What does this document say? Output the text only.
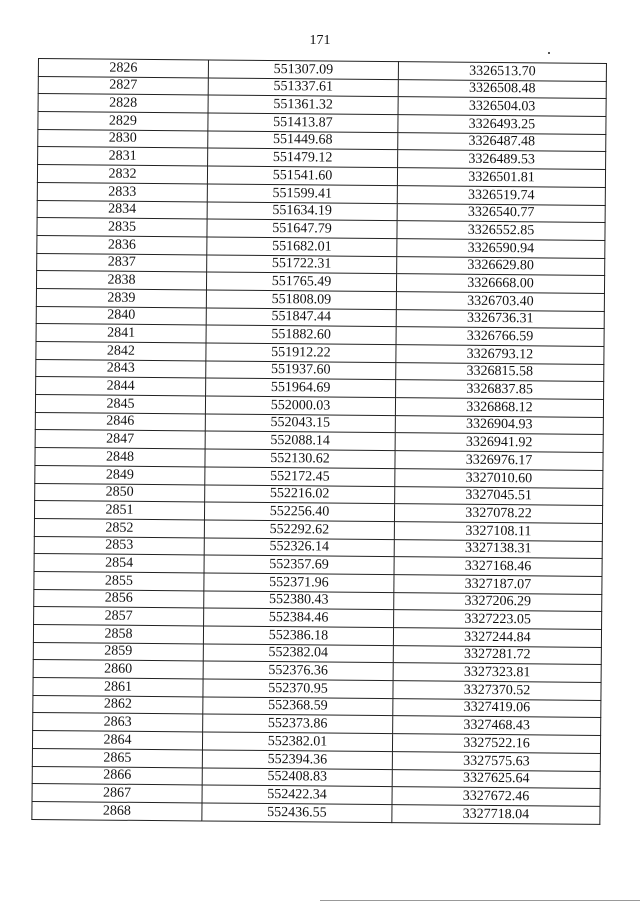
171
2826	551307.09	3326513.70
2827	551337.61	3326508.48
2828	551361.32	3326504.03
2829	551413.87	3326493.25
2830	551449.68	3326487.48
2831	551479.12	3326489.53
2832	551541.60	3326501.81
2833	551599.41	3326519.74
2834	551634.19	3326540.77
2835	551647.79	3326552.85
2836	551682.01	3326590.94
2837	551722.31	3326629.80
2838	551765.49	3326668.00
2839	551808.09	3326703.40
2840	551847.44	3326736.31
2841	551882.60	3326766.59
2842	551912.22	3326793.12
2843	551937.60	3326815.58
2844	551964.69	3326837.85
2845	552000.03	3326868.12
2846	552043.15	3326904.93
2847	552088.14	3326941.92
2848	552130.62	3326976.17
2849	552172.45	3327010.60
2850	552216.02	3327045.51
2851	552256.40	3327078.22
2852	552292.62	3327108.11
2853	552326.14	3327138.31
2854	552357.69	3327168.46
2855	552371.96	3327187.07
2856	552380.43	3327206.29
2857	552384.46	3327223.05
2858	552386.18	3327244.84
2859	552382.04	3327281.72
2860	552376.36	3327323.81
2861	552370.95	3327370.52
2862	552368.59	3327419.06
2863	552373.86	3327468.43
2864	552382.01	3327522.16
2865	552394.36	3327575.63
2866	552408.83	3327625.64
2867	552422.34	3327672.46
2868	552436.55	3327718.04
